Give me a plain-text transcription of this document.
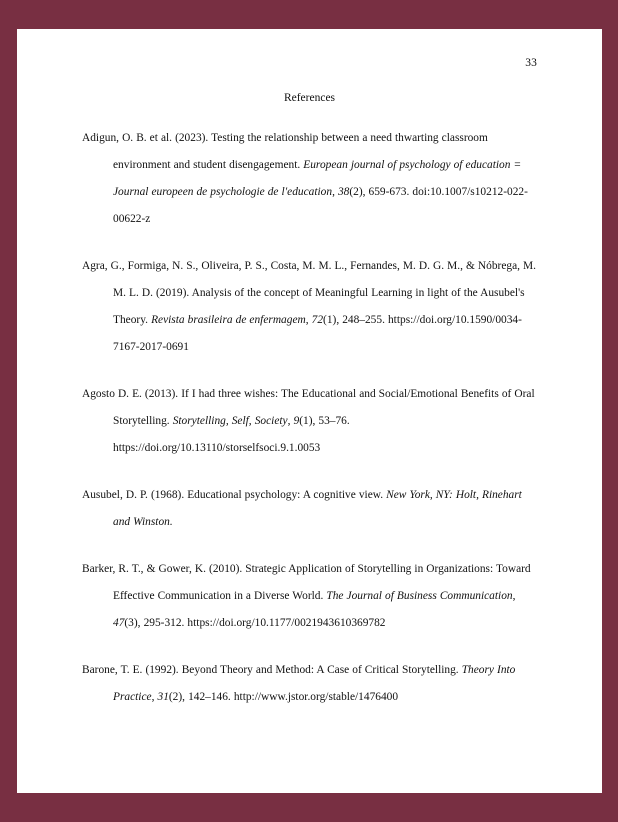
33
References

Adigun, O. B. et al. (2023). Testing the relationship between a need thwarting classroom environment and student disengagement. European journal of psychology of education = Journal europeen de psychologie de l'education, 38(2), 659-673. doi:10.1007/s10212-022-00622-z

Agra, G., Formiga, N. S., Oliveira, P. S., Costa, M. M. L., Fernandes, M. D. G. M., & Nóbrega, M. M. L. D. (2019). Analysis of the concept of Meaningful Learning in light of the Ausubel's Theory. Revista brasileira de enfermagem, 72(1), 248–255. https://doi.org/10.1590/0034-7167-2017-0691

Agosto D. E. (2013). If I had three wishes: The Educational and Social/Emotional Benefits of Oral Storytelling. Storytelling, Self, Society, 9(1), 53–76. https://doi.org/10.13110/storselfsoci.9.1.0053

Ausubel, D. P. (1968). Educational psychology: A cognitive view. New York, NY: Holt, Rinehart and Winston.

Barker, R. T., & Gower, K. (2010). Strategic Application of Storytelling in Organizations: Toward Effective Communication in a Diverse World. The Journal of Business Communication, 47(3), 295-312. https://doi.org/10.1177/0021943610369782

Barone, T. E. (1992). Beyond Theory and Method: A Case of Critical Storytelling. Theory Into Practice, 31(2), 142–146. http://www.jstor.org/stable/1476400
